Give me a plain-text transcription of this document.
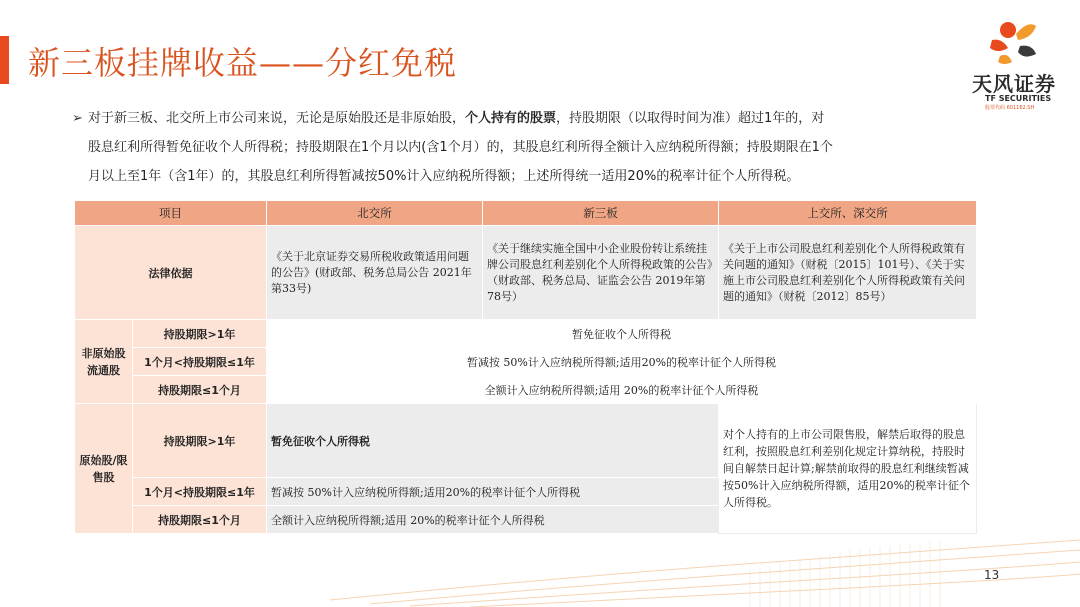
新三板挂牌收益——分红免税
天风证券
TF SECURITIES
股票代码 601162.SH
➢ 对于新三板、北交所上市公司来说，无论是原始股还是非原始股，个人持有的股票，持股期限（以取得时间为准）超过1年的，对
股息红利所得暂免征收个人所得税；持股期限在1个月以内(含1个月）的，其股息红利所得全额计入应纳税所得额；持股期限在1个
月以上至1年（含1年）的，其股息红利所得暂减按50%计入应纳税所得额；上述所得统一适用20%的税率计征个人所得税。
项目		北交所	新三板	上交所、深交所
法律依据		《关于北京证券交易所税收政策适用问题的公告》(财政部、税务总局公告 2021年第33号)	《关于继续实施全国中小企业股份转让系统挂牌公司股息红利差别化个人所得税政策的公告》（财政部、税务总局、证监会公告 2019年第78号）	《关于上市公司股息红利差别化个人所得税政策有关问题的通知》（财税〔2015〕101号）、《关于实施上市公司股息红利差别化个人所得税政策有关问题的通知》（财税〔2012〕85号）
非原始股流通股	持股期限>1年	暂免征收个人所得税		
	1个月<持股期限≤1年	暂减按 50%计入应纳税所得额;适用20%的税率计征个人所得税		
	持股期限≤1个月	全额计入应纳税所得额;适用 20%的税率计征个人所得税		
原始股/限售股	持股期限>1年	暂免征收个人所得税		对个人持有的上市公司限售股，解禁后取得的股息红利，按照股息红利差别化规定计算纳税，持股时间自解禁日起计算;解禁前取得的股息红利继续暂减按50%计入应纳税所得额，适用20%的税率计征个人所得税。
	1个月<持股期限≤1年	暂减按 50%计入应纳税所得额;适用20%的税率计征个人所得税		
	持股期限≤1个月	全额计入应纳税所得额;适用 20%的税率计征个人所得税		
13
